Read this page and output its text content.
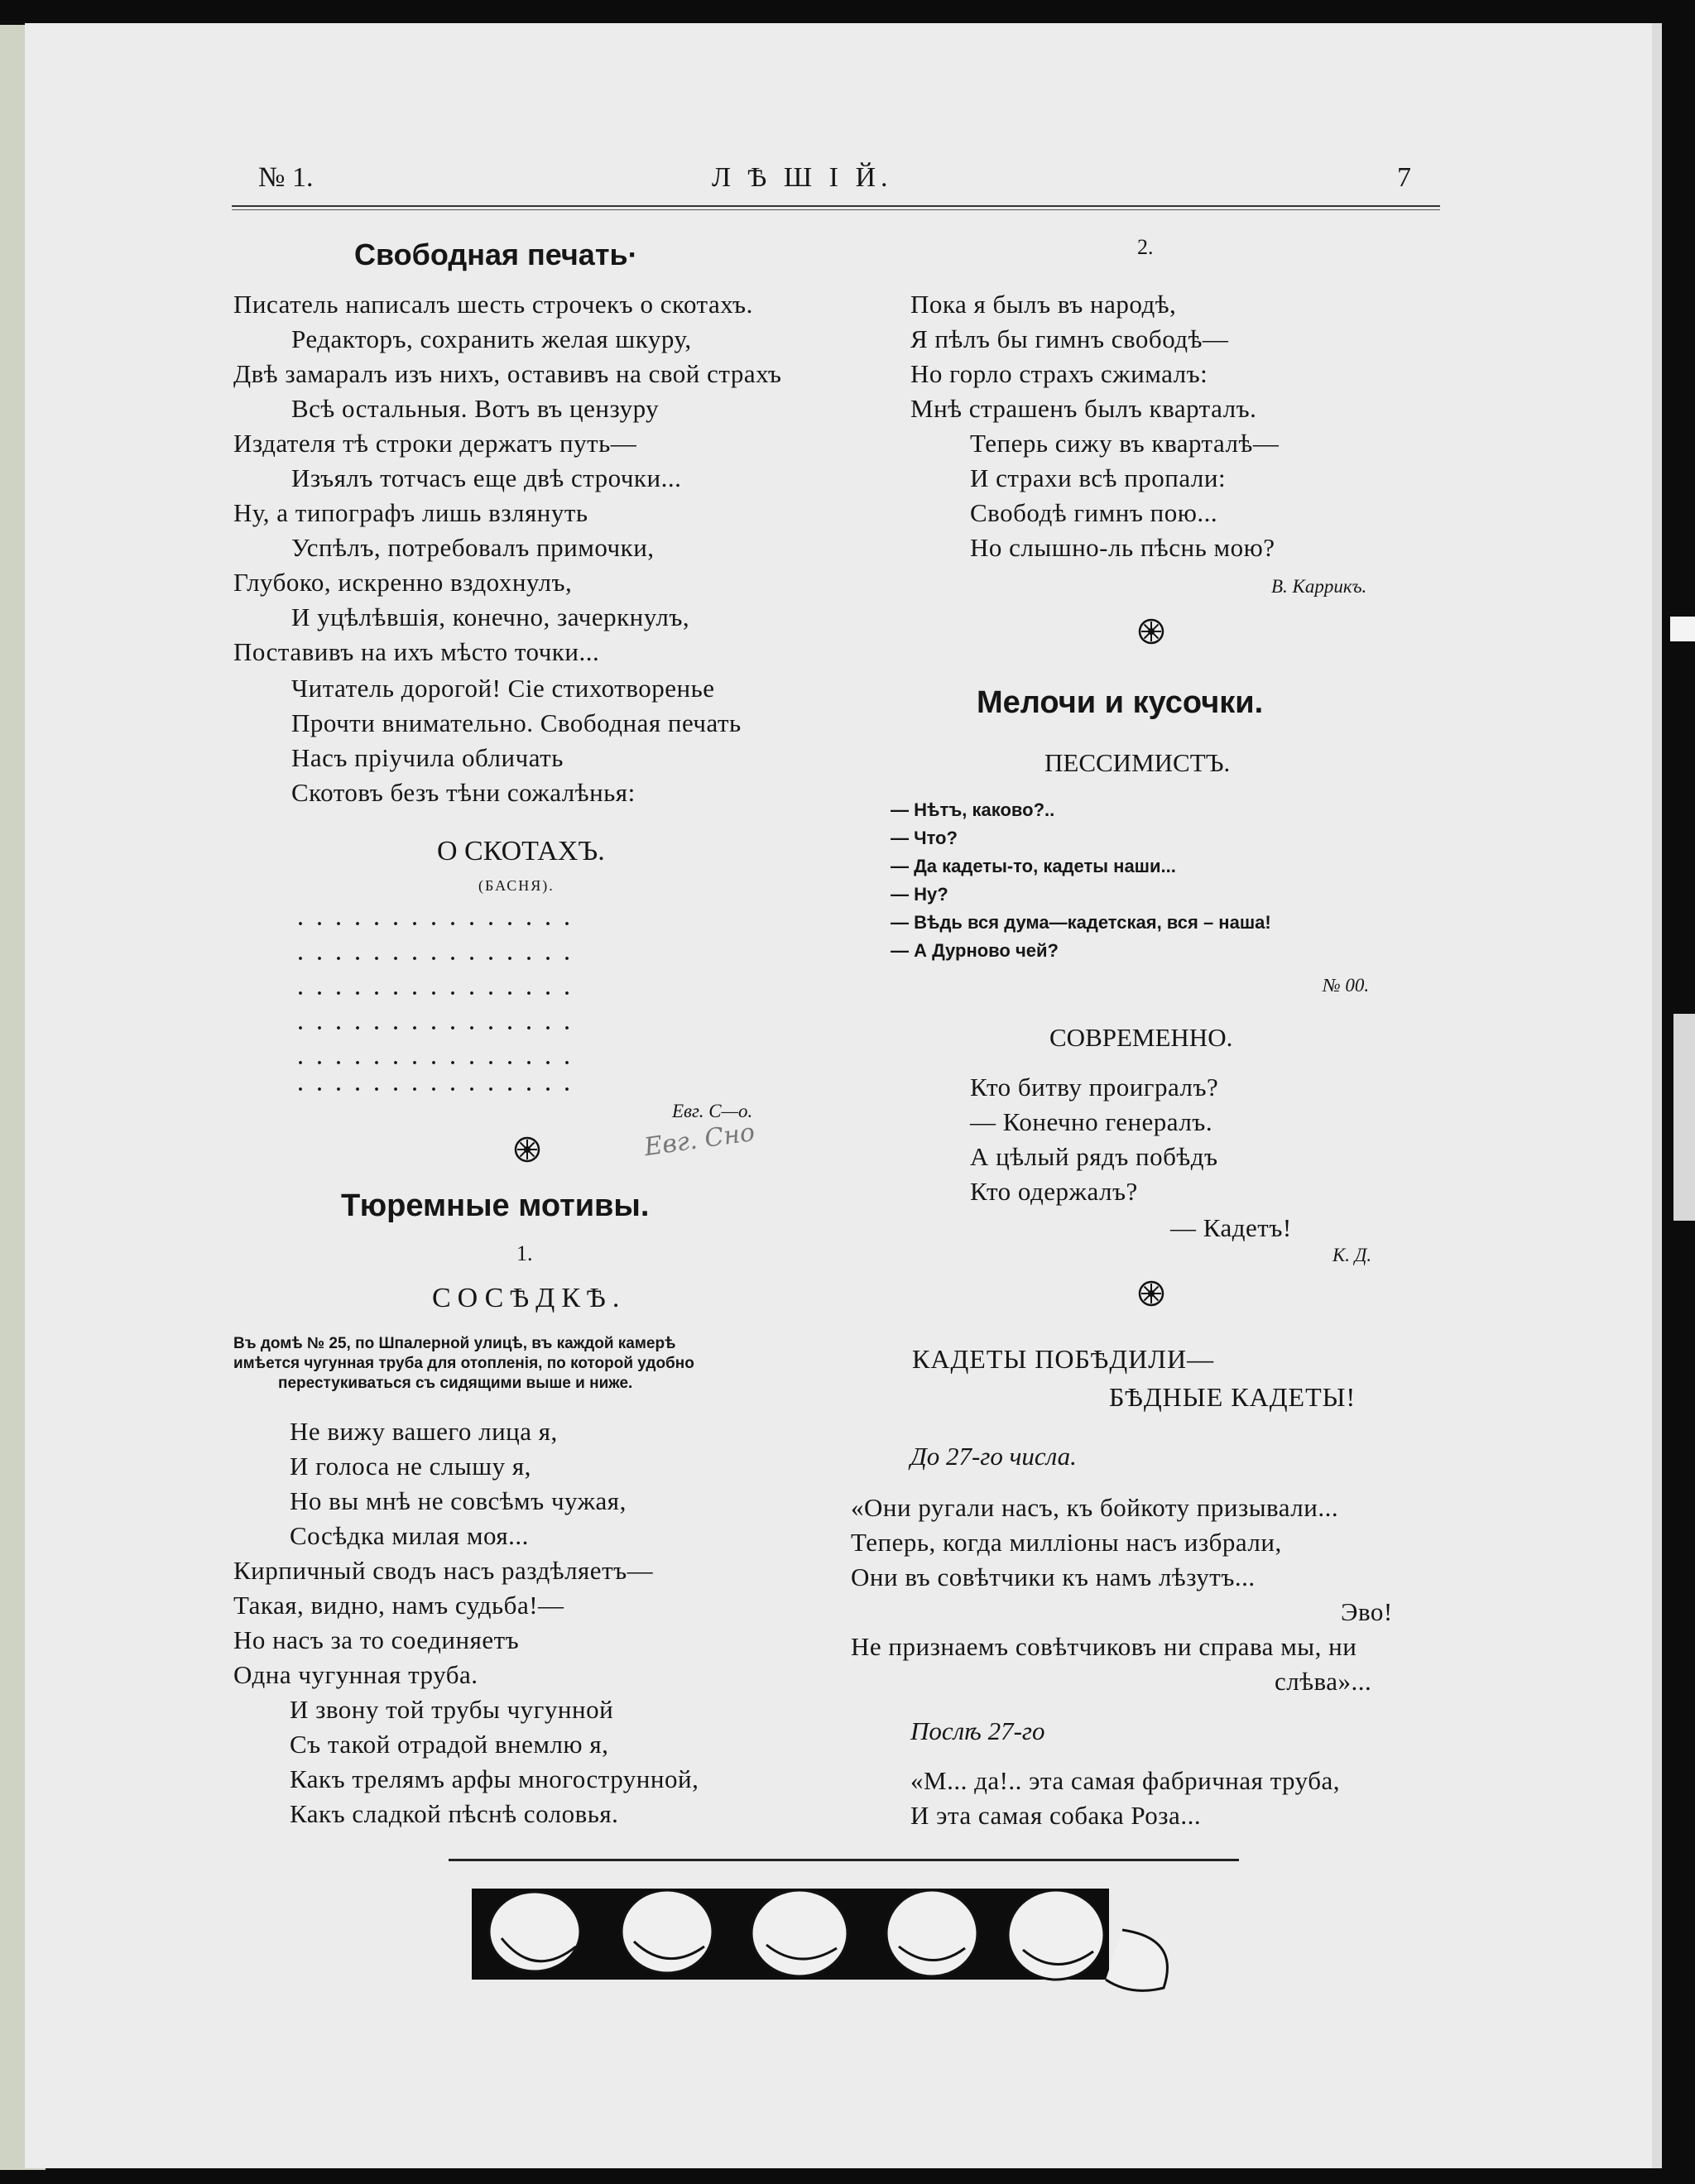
№ 1.	Л Ѣ Ш І Й.	7
Свободная печать·
Писатель написалъ шесть строчекъ о скотахъ.
Редакторъ, сохранить желая шкуру,
Двѣ замаралъ изъ нихъ, оставивъ на свой страхъ
Всѣ остальныя. Вотъ въ цензуру
Издателя тѣ строки держатъ путь—
Изъялъ тотчасъ еще двѣ строчки...
Ну, а типографъ лишь взлянуть
Успѣлъ, потребовалъ примочки,
Глубоко, искренно вздохнулъ,
И уцѣлѣвшія, конечно, зачеркнулъ,
Поставивъ на ихъ мѣсто точки...
Читатель дорогой! Сіе стихотворенье
Прочти внимательно. Свободная печать
Насъ пріучила обличать
Скотовъ безъ тѣни сожалѣнья:
О СКОТАХЪ.
(БАСНЯ).
...............
...............
...............
...............
...............
...............
Евг. С—о.
Евг. Сно
Тюремные мотивы.
1.
СОСѢДКѢ.
Въ домѣ № 25, по Шпалерной улицѣ, въ каждой камерѣ
имѣется чугунная труба для отопленія, по которой удобно
перестукиваться съ сидящими выше и ниже.
Не вижу вашего лица я,
И голоса не слышу я,
Но вы мнѣ не совсѣмъ чужая,
Сосѣдка милая моя...
Кирпичный сводъ насъ раздѣляетъ—
Такая, видно, намъ судьба!—
Но насъ за то соединяетъ
Одна чугунная труба.
И звону той трубы чугунной
Съ такой отрадой внемлю я,
Какъ трелямъ арфы многострунной,
Какъ сладкой пѣснѣ соловья.
2.
Пока я былъ въ народѣ,
Я пѣлъ бы гимнъ свободѣ—
Но горло страхъ сжималъ:
Мнѣ страшенъ былъ кварталъ.
Теперь сижу въ кварталѣ—
И страхи всѣ пропали:
Свободѣ гимнъ пою...
Но слышно-ль пѣснь мою?
В. Каррикъ.
Мелочи и кусочки.
ПЕССИМИСТЪ.
— Нѣтъ, каково?..
— Что?
— Да кадеты-то, кадеты наши...
— Ну?
— Вѣдь вся дума—кадетская, вся – наша!
— А Дурново чей?
№ 00.
СОВРЕМЕННО.
Кто битву проигралъ?
— Конечно генералъ.
А цѣлый рядъ побѣдъ
Кто одержалъ?
— Кадетъ!
К. Д.
КАДЕТЫ ПОБѢДИЛИ—
БѢДНЫЕ КАДЕТЫ!
До 27-го числа.
«Они ругали насъ, къ бойкоту призывали...
Теперь, когда милліоны насъ избрали,
Они въ совѣтчики къ намъ лѣзутъ...
Эво!
Не признаемъ совѣтчиковъ ни справа мы, ни
слѣва»...
Послѣ 27-го
«М... да!.. эта самая фабричная труба,
И эта самая собака Роза...
